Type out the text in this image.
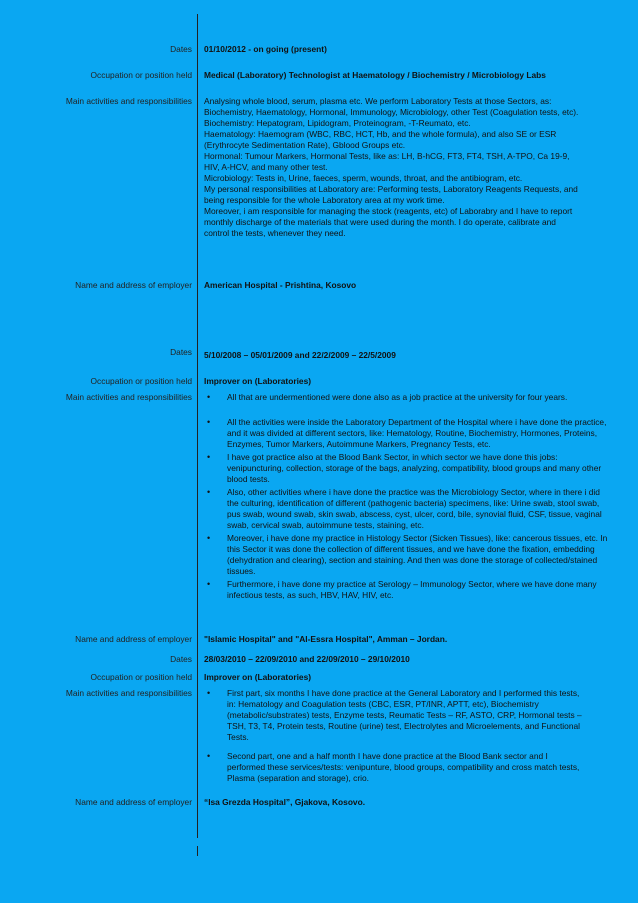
Dates 01/10/2012 - on going (present)
Occupation or position held Medical (Laboratory) Technologist at Haematology / Biochemistry / Microbiology Labs
Main activities and responsibilities Analysing whole blood, serum, plasma etc. We perform Laboratory Tests at those Sectors, as:
Biochemistry, Haematology, Hormonal, Immunology, Microbiology, other Test (Coagulation tests, etc).
Biochemistry: Hepatogram, Lipidogram, Proteinogram, -T-Reumato, etc.
Haematology: Haemogram (WBC, RBC, HCT, Hb, and the whole formula), and also SE or ESR
(Erythrocyte Sedimentation Rate), Gblood Groups etc.
Hormonal: Tumour Markers, Hormonal Tests, like as: LH, B-hCG, FT3, FT4, TSH, A-TPO, Ca 19-9,
HIV, A-HCV, and many other test.
Microbiology: Tests in, Urine, faeces, sperm, wounds, throat, and the antibiogram, etc.
My personal responsibilities at Laboratory are: Performing tests, Laboratory Reagents Requests, and
being responsible for the whole Laboratory area at my work time.
Moreover, i am responsible for managing the stock (reagents, etc) of Laborabry and I have to report
monthly discharge of the materials that were used during the month. I do operate, calibrate and
control the tests, whenever they need.
Name and address of employer American Hospital - Prishtina, Kosovo
Dates 5/10/2008 – 05/01/2009 and 22/2/2009 – 22/5/2009
Occupation or position held Improver on (Laboratories)
Main activities and responsibilities	• All that are undermentioned were done also as a job practice at the university for four years.
• All the activities were inside the Laboratory Department of the Hospital where i have done the practice, and it was divided at different sectors, like: Hematology, Routine, Biochemistry, Hormones, Proteins, Enzymes, Tumor Markers, Autoimmune Markers, Pregnancy Tests, etc.
• I have got practice also at the Blood Bank Sector, in which sector we have done this jobs: venipuncturing, collection, storage of the bags, analyzing, compatibility, blood groups and many other blood tests.
• Also, other activities where i have done the practice was the Microbiology Sector, where in there i did the culturing, identification of different (pathogenic bacteria) specimens, like: Urine swab, stool swab, pus swab, wound swab, skin swab, abscess, cyst, ulcer, cord, bile, synovial fluid, CSF, tissue, vaginal swab, cervical swab, autoimmune tests, staining, etc.
• Moreover, i have done my practice in Histology Sector (Sicken Tissues), like: cancerous tissues, etc. In this Sector it was done the collection of different tissues, and we have done the fixation, embedding (dehydration and clearing), section and staining. And then was done the storage of collected/stained tissues.
• Furthermore, i have done my practice at Serology – Immunology Sector, where we have done many infectious tests, as such, HBV, HAV, HIV, etc.
Name and address of employer "Islamic Hospital" and "Al-Essra Hospital", Amman – Jordan.
Dates 28/03/2010 – 22/09/2010 and 22/09/2010 – 29/10/2010
Occupation or position held Improver on (Laboratories)
Main activities and responsibilities	• First part, six months I have done practice at the General Laboratory and I performed this tests, in: Hematology and Coagulation tests (CBC, ESR, PT/INR, APTT, etc), Biochemistry (metabolic/substrates) tests, Enzyme tests, Reumatic Tests – RF, ASTO, CRP, Hormonal tests – TSH, T3, T4, Protein tests, Routine (urine) test, Electrolytes and Microelements, and Functional Tests.
• Second part, one and a half month I have done practice at the Blood Bank sector and I performed these services/tests: venipunture, blood groups, compatibility and cross match tests, Plasma (separation and storage), crio.
Name and address of employer “Isa Grezda Hospital”, Gjakova, Kosovo.
